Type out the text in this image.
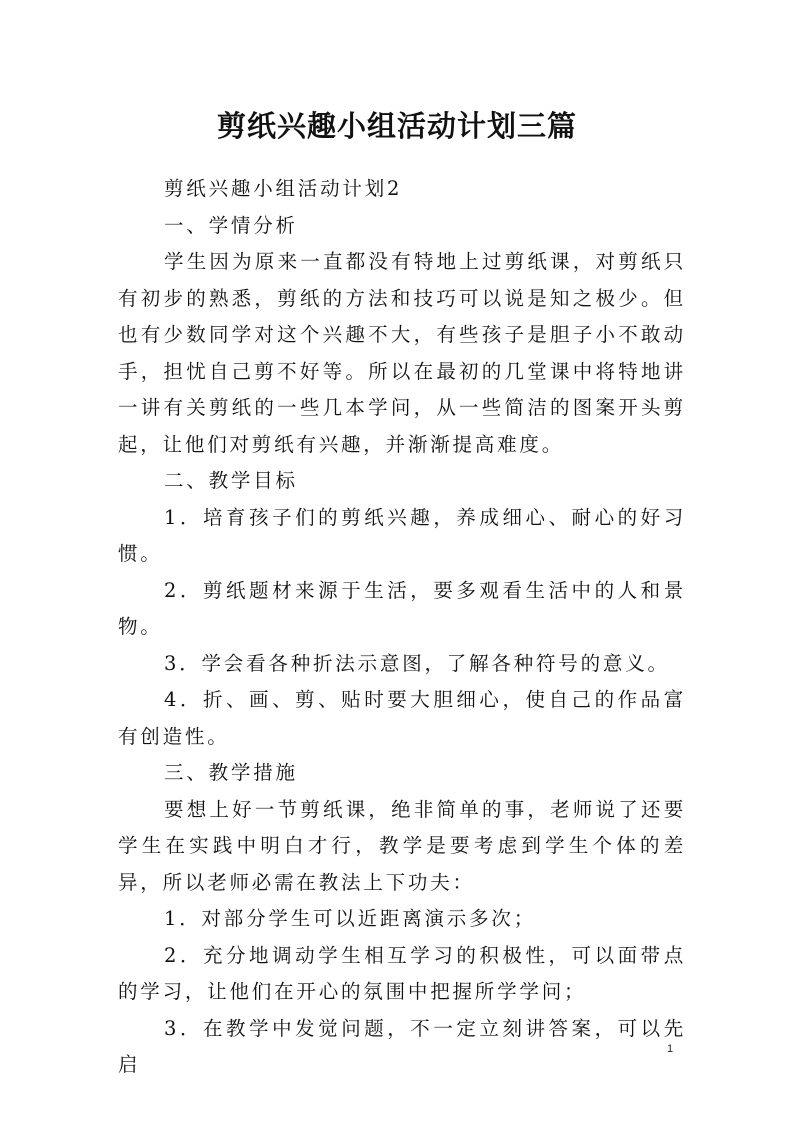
剪纸兴趣小组活动计划三篇

剪纸兴趣小组活动计划2

一、学情分析

学生因为原来一直都没有特地上过剪纸课，对剪纸只有初步的熟悉，剪纸的方法和技巧可以说是知之极少。但也有少数同学对这个兴趣不大，有些孩子是胆子小不敢动手，担忧自己剪不好等。所以在最初的几堂课中将特地讲一讲有关剪纸的一些几本学问，从一些简洁的图案开头剪起，让他们对剪纸有兴趣，并渐渐提高难度。

二、教学目标

1．培育孩子们的剪纸兴趣，养成细心、耐心的好习惯。

2．剪纸题材来源于生活，要多观看生活中的人和景物。

3．学会看各种折法示意图，了解各种符号的意义。

4．折、画、剪、贴时要大胆细心，使自己的作品富有创造性。

三、教学措施

要想上好一节剪纸课，绝非简单的事，老师说了还要学生在实践中明白才行，教学是要考虑到学生个体的差异，所以老师必需在教法上下功夫：

1．对部分学生可以近距离演示多次；

2．充分地调动学生相互学习的积极性，可以面带点的学习，让他们在开心的氛围中把握所学学问；

3．在教学中发觉问题，不一定立刻讲答案，可以先启

1
